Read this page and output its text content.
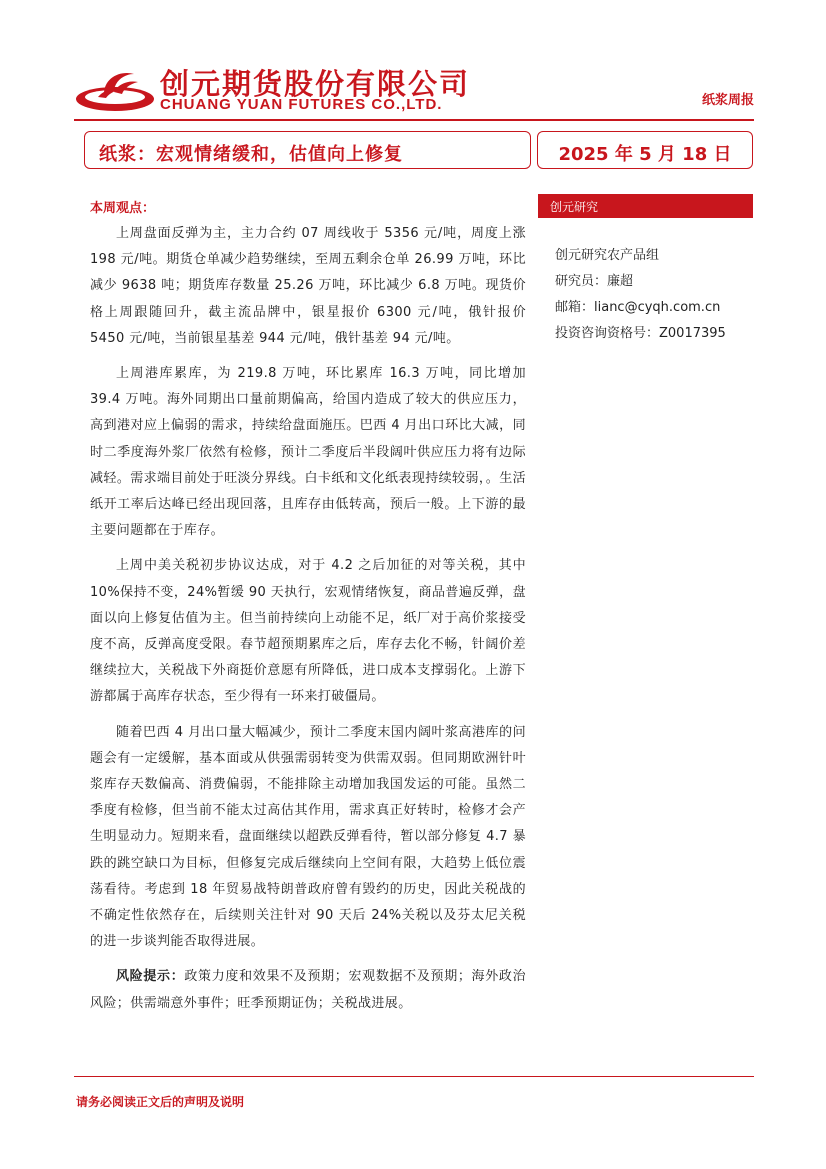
创元期货股份有限公司
CHUANG YUAN FUTURES CO.,LTD.	纸浆周报
纸浆：宏观情绪缓和，估值向上修复	2025 年 5 月 18 日
本周观点：

上周盘面反弹为主，主力合约 07 周线收于 5356 元/吨，周度上涨 198 元/吨。期货仓单减少趋势继续，至周五剩余仓单 26.99 万吨，环比减少 9638 吨；期货库存数量 25.26 万吨，环比减少 6.8 万吨。现货价格上周跟随回升，截主流品牌中，银星报价 6300 元/吨，俄针报价 5450 元/吨，当前银星基差 944 元/吨，俄针基差 94 元/吨。

上周港库累库，为 219.8 万吨，环比累库 16.3 万吨，同比增加 39.4 万吨。海外同期出口量前期偏高，给国内造成了较大的供应压力，高到港对应上偏弱的需求，持续给盘面施压。巴西 4 月出口环比大减，同时二季度海外浆厂依然有检修，预计二季度后半段阔叶供应压力将有边际减轻。需求端目前处于旺淡分界线。白卡纸和文化纸表现持续较弱，。生活纸开工率后达峰已经出现回落，且库存由低转高，预后一般。上下游的最主要问题都在于库存。

上周中美关税初步协议达成，对于 4.2 之后加征的对等关税，其中 10%保持不变，24%暂缓 90 天执行，宏观情绪恢复，商品普遍反弹，盘面以向上修复估值为主。但当前持续向上动能不足，纸厂对于高价浆接受度不高，反弹高度受限。春节超预期累库之后，库存去化不畅，针阔价差继续拉大，关税战下外商挺价意愿有所降低，进口成本支撑弱化。上游下游都属于高库存状态，至少得有一环来打破僵局。

随着巴西 4 月出口量大幅减少，预计二季度末国内阔叶浆高港库的问题会有一定缓解，基本面或从供强需弱转变为供需双弱。但同期欧洲针叶浆库存天数偏高、消费偏弱，不能排除主动增加我国发运的可能。虽然二季度有检修，但当前不能太过高估其作用，需求真正好转时，检修才会产生明显动力。短期来看，盘面继续以超跌反弹看待，暂以部分修复 4.7 暴跌的跳空缺口为目标，但修复完成后继续向上空间有限，大趋势上低位震荡看待。考虑到 18 年贸易战特朗普政府曾有毁约的历史，因此关税战的不确定性依然存在，后续则关注针对 90 天后 24%关税以及芬太尼关税的进一步谈判能否取得进展。

风险提示：政策力度和效果不及预期；宏观数据不及预期；海外政治风险；供需端意外事件；旺季预期证伪；关税战进展。

创元研究
创元研究农产品组
研究员：廉超
邮箱：lianc@cyqh.com.cn
投资咨询资格号：Z0017395
请务必阅读正文后的声明及说明
